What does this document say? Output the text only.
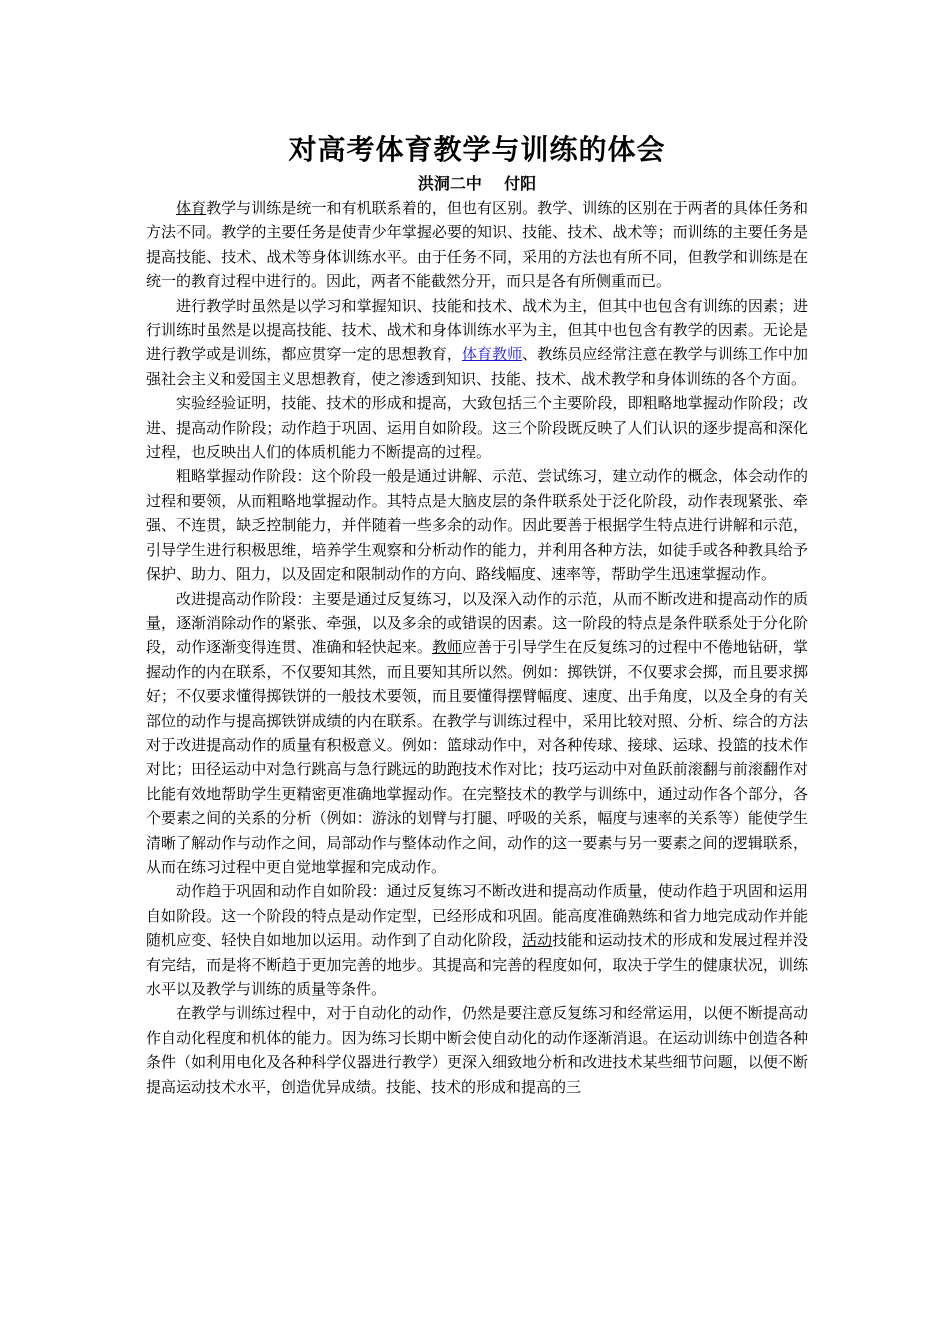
对高考体育教学与训练的体会

洪洞二中    付阳

体育教学与训练是统一和有机联系着的，但也有区别。教学、训练的区别在于两者的具体任务和方法不同。教学的主要任务是使青少年掌握必要的知识、技能、技术、战术等；而训练的主要任务是提高技能、技术、战术等身体训练水平。由于任务不同，采用的方法也有所不同，但教学和训练是在统一的教育过程中进行的。因此，两者不能截然分开，而只是各有所侧重而已。

进行教学时虽然是以学习和掌握知识、技能和技术、战术为主，但其中也包含有训练的因素；进行训练时虽然是以提高技能、技术、战术和身体训练水平为主，但其中也包含有教学的因素。无论是进行教学或是训练，都应贯穿一定的思想教育，体育教师、教练员应经常注意在教学与训练工作中加强社会主义和爱国主义思想教育，使之渗透到知识、技能、技术、战术教学和身体训练的各个方面。

实验经验证明，技能、技术的形成和提高，大致包括三个主要阶段，即粗略地掌握动作阶段；改进、提高动作阶段；动作趋于巩固、运用自如阶段。这三个阶段既反映了人们认识的逐步提高和深化过程，也反映出人们的体质机能力不断提高的过程。

粗略掌握动作阶段：这个阶段一般是通过讲解、示范、尝试练习，建立动作的概念，体会动作的过程和要领，从而粗略地掌握动作。其特点是大脑皮层的条件联系处于泛化阶段，动作表现紧张、牵强、不连贯，缺乏控制能力，并伴随着一些多余的动作。因此要善于根据学生特点进行讲解和示范，引导学生进行积极思维，培养学生观察和分析动作的能力，并利用各种方法，如徒手或各种教具给予保护、助力、阻力，以及固定和限制动作的方向、路线幅度、速率等，帮助学生迅速掌握动作。

改进提高动作阶段：主要是通过反复练习，以及深入动作的示范，从而不断改进和提高动作的质量，逐渐消除动作的紧张、牵强，以及多余的或错误的因素。这一阶段的特点是条件联系处于分化阶段，动作逐渐变得连贯、准确和轻快起来。教师应善于引导学生在反复练习的过程中不倦地钻研，掌握动作的内在联系，不仅要知其然，而且要知其所以然。例如：掷铁饼，不仅要求会掷，而且要求掷好；不仅要求懂得掷铁饼的一般技术要领，而且要懂得摆臂幅度、速度、出手角度，以及全身的有关部位的动作与提高掷铁饼成绩的内在联系。在教学与训练过程中，采用比较对照、分析、综合的方法对于改进提高动作的质量有积极意义。例如：篮球动作中，对各种传球、接球、运球、投篮的技术作对比；田径运动中对急行跳高与急行跳远的助跑技术作对比；技巧运动中对鱼跃前滚翻与前滚翻作对比能有效地帮助学生更精密更准确地掌握动作。在完整技术的教学与训练中，通过动作各个部分，各个要素之间的关系的分析（例如：游泳的划臂与打腿、呼吸的关系，幅度与速率的关系等）能使学生清晰了解动作与动作之间，局部动作与整体动作之间，动作的这一要素与另一要素之间的逻辑联系，从而在练习过程中更自觉地掌握和完成动作。

动作趋于巩固和动作自如阶段：通过反复练习不断改进和提高动作质量，使动作趋于巩固和运用自如阶段。这一个阶段的特点是动作定型，已经形成和巩固。能高度准确熟练和省力地完成动作并能随机应变、轻快自如地加以运用。动作到了自动化阶段，活动技能和运动技术的形成和发展过程并没有完结，而是将不断趋于更加完善的地步。其提高和完善的程度如何，取决于学生的健康状况，训练水平以及教学与训练的质量等条件。

在教学与训练过程中，对于自动化的动作，仍然是要注意反复练习和经常运用，以便不断提高动作自动化程度和机体的能力。因为练习长期中断会使自动化的动作逐渐消退。在运动训练中创造各种条件（如利用电化及各种科学仪器进行教学）更深入细致地分析和改进技术某些细节问题，以便不断提高运动技术水平，创造优异成绩。技能、技术的形成和提高的三
